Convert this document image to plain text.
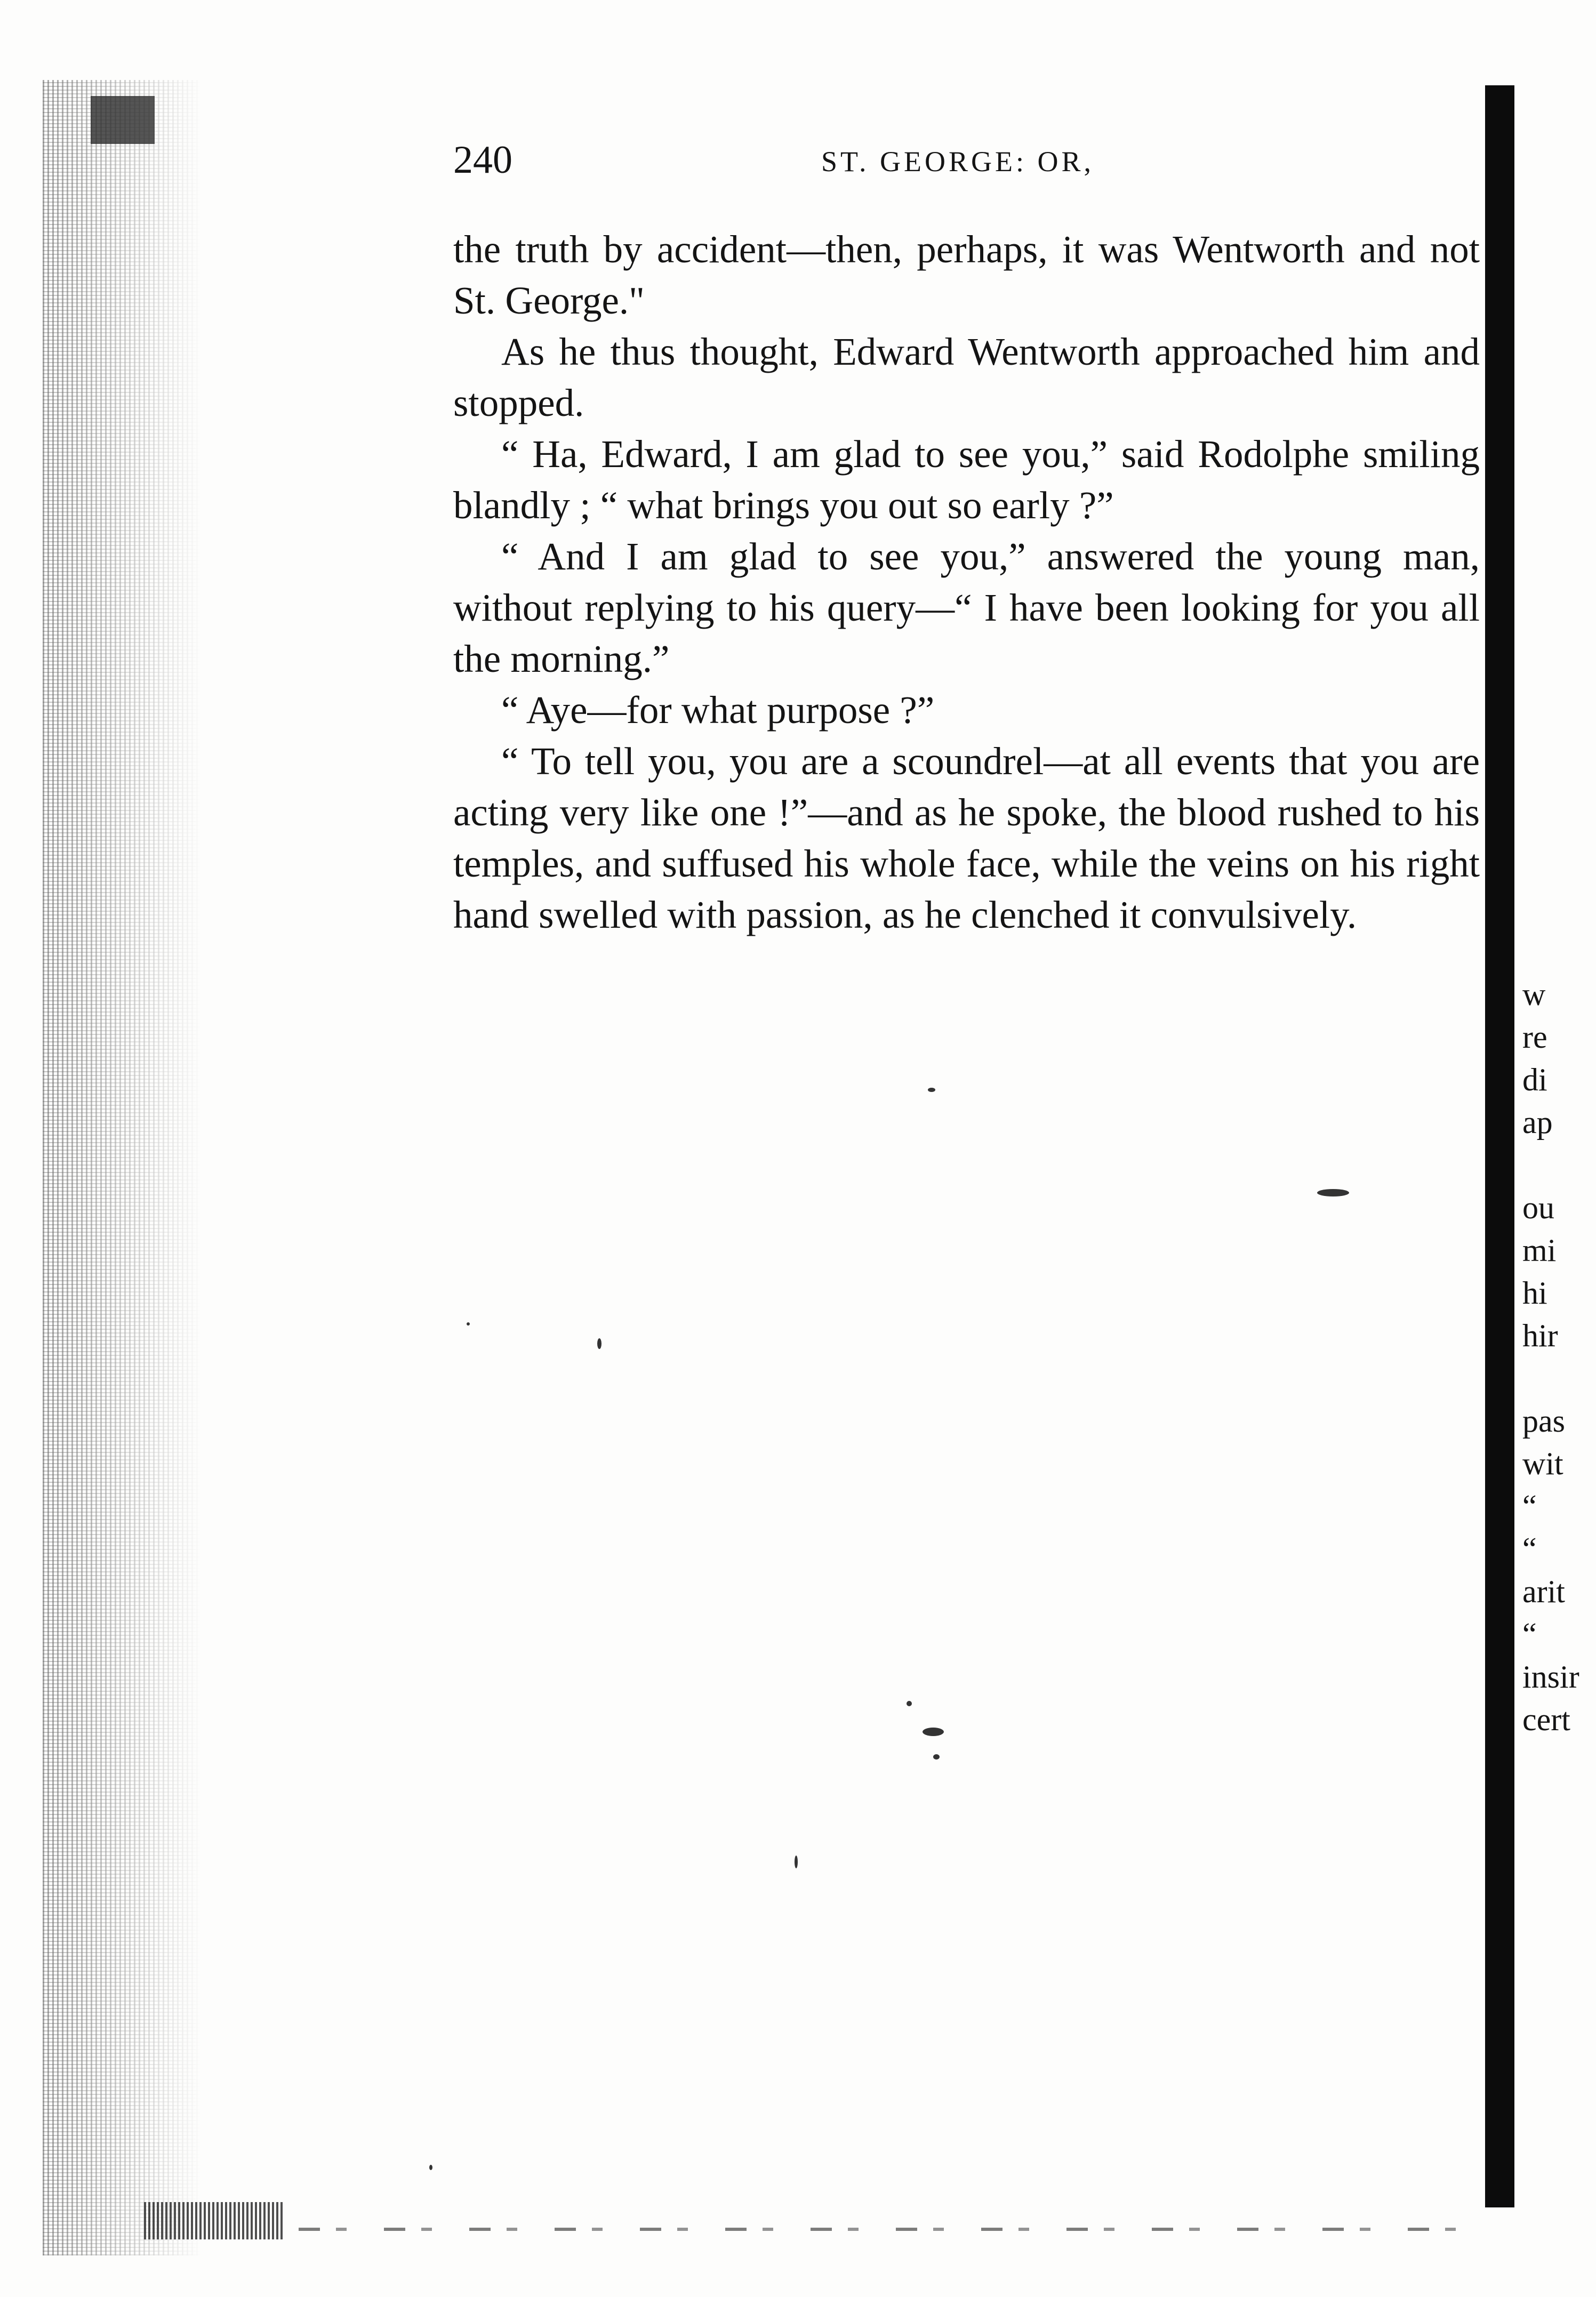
240	ST. GEORGE: OR,

the truth by accident—then, perhaps, it was Wentworth and not St. George."

As he thus thought, Edward Wentworth approached him and stopped.

“ Ha, Edward, I am glad to see you,” said Rodolphe smiling blandly ; “ what brings you out so early ?”

“ And I am glad to see you,” answered the young man, without replying to his query—“ I have been looking for you all the morning.”

“ Aye—for what purpose ?”

“ To tell you, you are a scoundrel—at all events that you are acting very like one !”—and as he spoke, the blood rushed to his temples, and suffused his whole face, while the veins on his right hand swelled with passion, as he clenched it convulsively.

w
re
di
ap
ou
mi
hi
hir
pas
wit
“
“
arit
“
insir
cert
